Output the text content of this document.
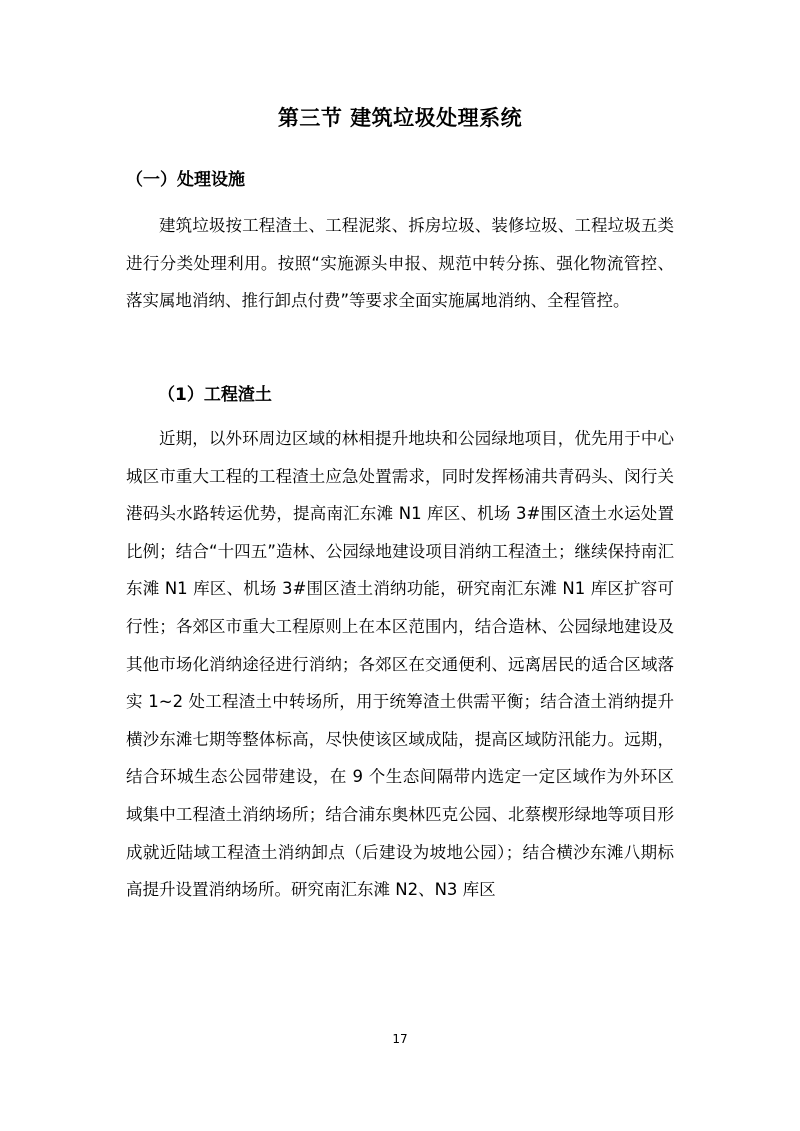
第三节 建筑垃圾处理系统
（一）处理设施
建筑垃圾按工程渣土、工程泥浆、拆房垃圾、装修垃圾、工程垃圾五类进行分类处理利用。按照“实施源头申报、规范中转分拣、强化物流管控、落实属地消纳、推行卸点付费”等要求全面实施属地消纳、全程管控。
（1）工程渣土
近期，以外环周边区域的林相提升地块和公园绿地项目，优先用于中心城区市重大工程的工程渣土应急处置需求，同时发挥杨浦共青码头、闵行关港码头水路转运优势，提高南汇东滩 N1 库区、机场 3#围区渣土水运处置比例；结合“十四五”造林、公园绿地建设项目消纳工程渣土；继续保持南汇东滩 N1 库区、机场 3#围区渣土消纳功能，研究南汇东滩 N1 库区扩容可行性；各郊区市重大工程原则上在本区范围内，结合造林、公园绿地建设及其他市场化消纳途径进行消纳；各郊区在交通便利、远离居民的适合区域落实 1~2 处工程渣土中转场所，用于统筹渣土供需平衡；结合渣土消纳提升横沙东滩七期等整体标高，尽快使该区域成陆，提高区域防汛能力。远期，结合环城生态公园带建设，在 9 个生态间隔带内选定一定区域作为外环区域集中工程渣土消纳场所；结合浦东奥林匹克公园、北蔡楔形绿地等项目形成就近陆域工程渣土消纳卸点（后建设为坡地公园）；结合横沙东滩八期标高提升设置消纳场所。研究南汇东滩 N2、N3 库区
17
